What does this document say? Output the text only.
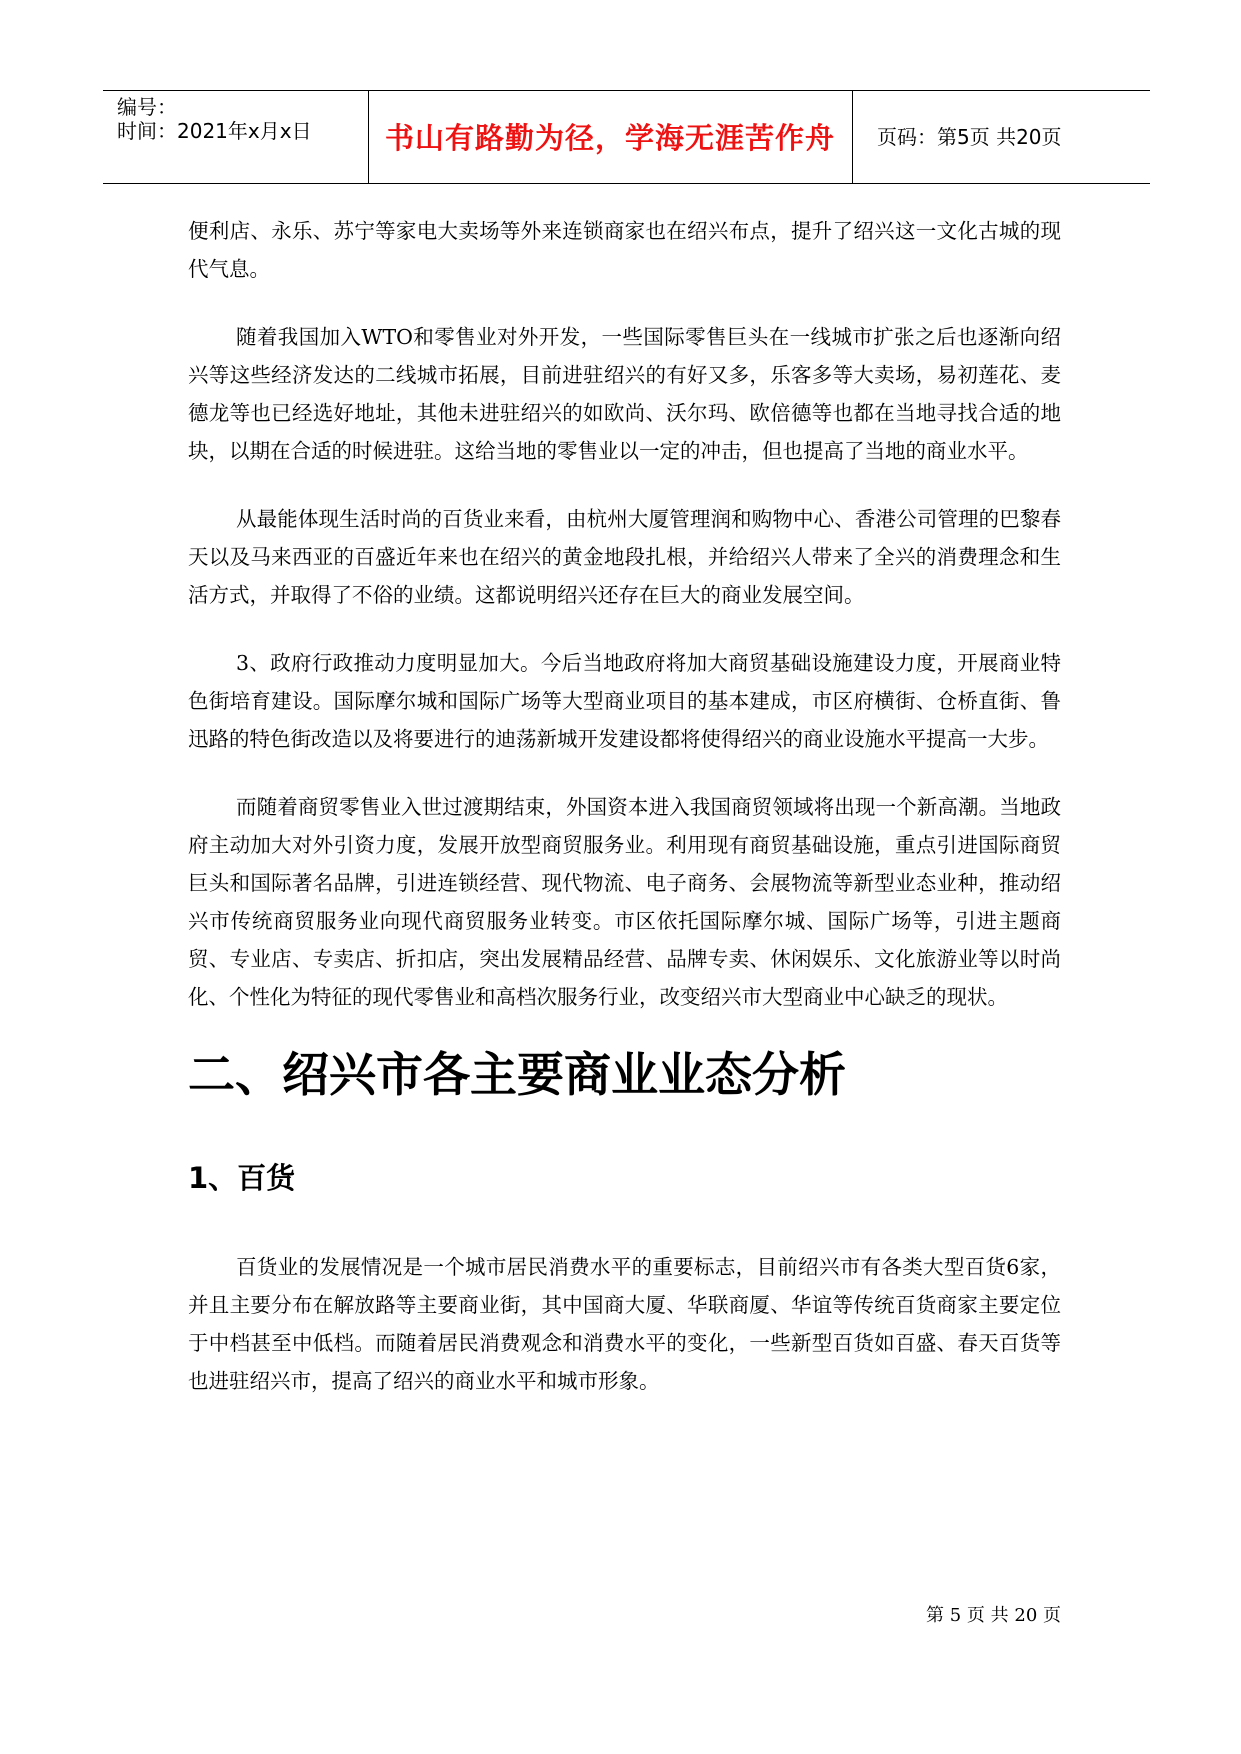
编号：
时间：2021年x月x日	书山有路勤为径，学海无涯苦作舟	页码：第5页 共20页

便利店、永乐、苏宁等家电大卖场等外来连锁商家也在绍兴布点，提升了绍兴这一文化古城的现代气息。

随着我国加入WTO和零售业对外开发，一些国际零售巨头在一线城市扩张之后也逐渐向绍兴等这些经济发达的二线城市拓展，目前进驻绍兴的有好又多，乐客多等大卖场，易初莲花、麦德龙等也已经选好地址，其他未进驻绍兴的如欧尚、沃尔玛、欧倍德等也都在当地寻找合适的地块，以期在合适的时候进驻。这给当地的零售业以一定的冲击，但也提高了当地的商业水平。

从最能体现生活时尚的百货业来看，由杭州大厦管理润和购物中心、香港公司管理的巴黎春天以及马来西亚的百盛近年来也在绍兴的黄金地段扎根，并给绍兴人带来了全兴的消费理念和生活方式，并取得了不俗的业绩。这都说明绍兴还存在巨大的商业发展空间。

3、政府行政推动力度明显加大。今后当地政府将加大商贸基础设施建设力度，开展商业特色街培育建设。国际摩尔城和国际广场等大型商业项目的基本建成，市区府横街、仓桥直街、鲁迅路的特色街改造以及将要进行的迪荡新城开发建设都将使得绍兴的商业设施水平提高一大步。

而随着商贸零售业入世过渡期结束，外国资本进入我国商贸领域将出现一个新高潮。当地政府主动加大对外引资力度，发展开放型商贸服务业。利用现有商贸基础设施，重点引进国际商贸巨头和国际著名品牌，引进连锁经营、现代物流、电子商务、会展物流等新型业态业种，推动绍兴市传统商贸服务业向现代商贸服务业转变。市区依托国际摩尔城、国际广场等，引进主题商贸、专业店、专卖店、折扣店，突出发展精品经营、品牌专卖、休闲娱乐、文化旅游业等以时尚化、个性化为特征的现代零售业和高档次服务行业，改变绍兴市大型商业中心缺乏的现状。

二、绍兴市各主要商业业态分析
1、百货

百货业的发展情况是一个城市居民消费水平的重要标志，目前绍兴市有各类大型百货6家，并且主要分布在解放路等主要商业街，其中国商大厦、华联商厦、华谊等传统百货商家主要定位于中档甚至中低档。而随着居民消费观念和消费水平的变化，一些新型百货如百盛、春天百货等也进驻绍兴市，提高了绍兴的商业水平和城市形象。

第 5 页 共 20 页
